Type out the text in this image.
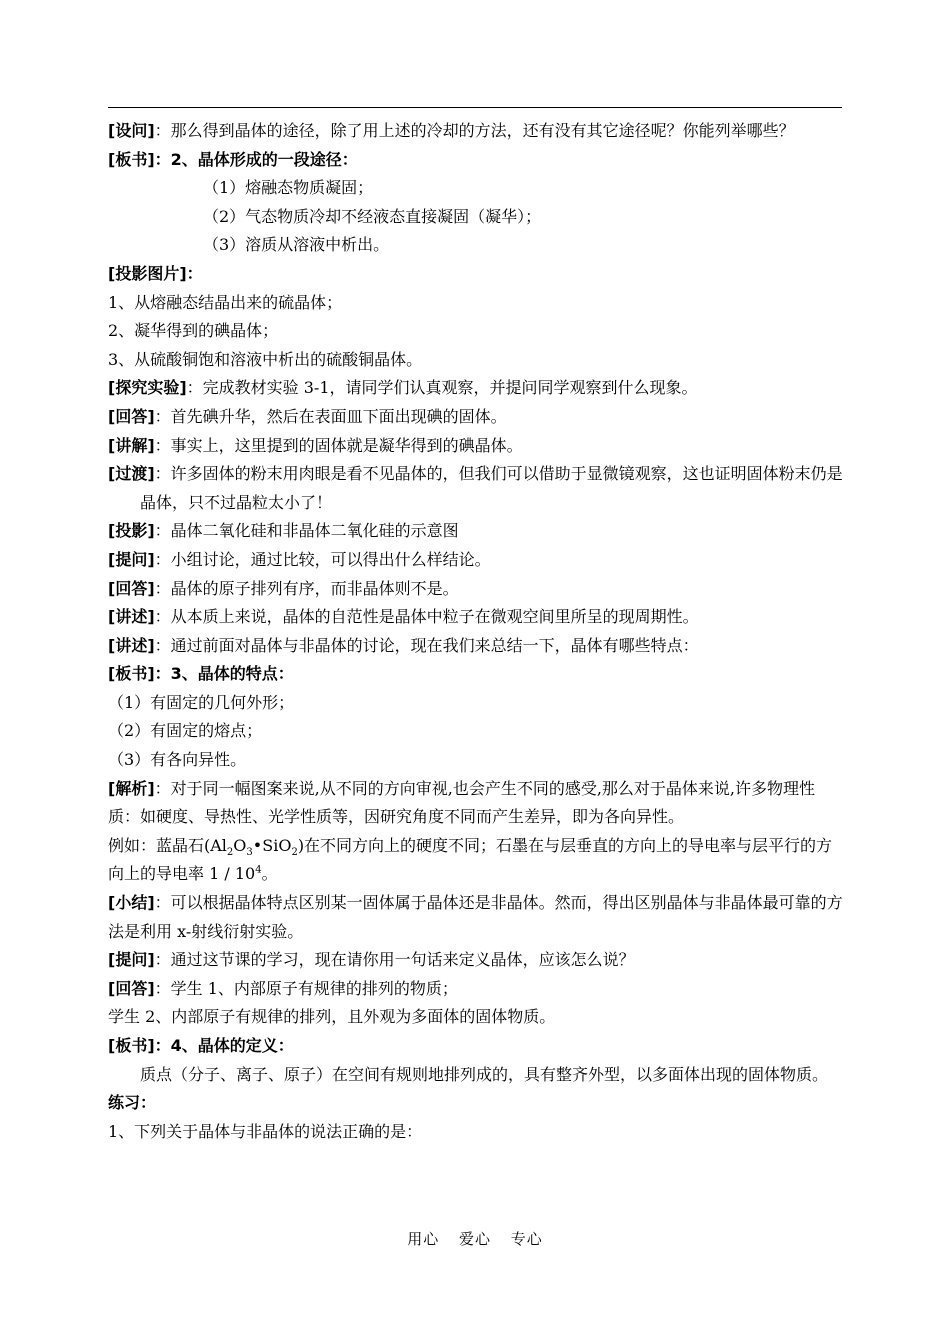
[设问]：那么得到晶体的途径，除了用上述的冷却的方法，还有没有其它途径呢？你能列举哪些？

[板书]：2、晶体形成的一段途径：

（1）熔融态物质凝固；

（2）气态物质冷却不经液态直接凝固（凝华）；

（3）溶质从溶液中析出。

[投影图片]：

1、从熔融态结晶出来的硫晶体；

2、凝华得到的碘晶体；

3、从硫酸铜饱和溶液中析出的硫酸铜晶体。

[探究实验]：完成教材实验 3-1，请同学们认真观察，并提问同学观察到什么现象。

[回答]：首先碘升华，然后在表面皿下面出现碘的固体。

[讲解]：事实上，这里提到的固体就是凝华得到的碘晶体。

[过渡]：许多固体的粉末用肉眼是看不见晶体的，但我们可以借助于显微镜观察，这也证明固体粉末仍是晶体，只不过晶粒太小了！

[投影]：晶体二氧化硅和非晶体二氧化硅的示意图

[提问]：小组讨论，通过比较，可以得出什么样结论。

[回答]：晶体的原子排列有序，而非晶体则不是。

[讲述]：从本质上来说，晶体的自范性是晶体中粒子在微观空间里所呈的现周期性。

[讲述]：通过前面对晶体与非晶体的讨论，现在我们来总结一下，晶体有哪些特点：

[板书]：3、晶体的特点：

（1）有固定的几何外形；

（2）有固定的熔点；

（3）有各向异性。

[解析]：对于同一幅图案来说,从不同的方向审视,也会产生不同的感受,那么对于晶体来说,许多物理性质：如硬度、导热性、光学性质等，因研究角度不同而产生差异，即为各向异性。

例如：蓝晶石$(Al_2O_3•SiO_2)$在不同方向上的硬度不同；石墨在与层垂直的方向上的导电率与层平行的方向上的导电率 $1 / 10^4$。

[小结]：可以根据晶体特点区别某一固体属于晶体还是非晶体。然而，得出区别晶体与非晶体最可靠的方法是利用 x-射线衍射实验。

[提问]：通过这节课的学习，现在请你用一句话来定义晶体，应该怎么说？

[回答]：学生 1、内部原子有规律的排列的物质；

学生 2、内部原子有规律的排列，且外观为多面体的固体物质。

[板书]：4、晶体的定义：

质点（分子、离子、原子）在空间有规则地排列成的，具有整齐外型，以多面体出现的固体物质。

练习：

1、下列关于晶体与非晶体的说法正确的是：

用心 爱心 专心
